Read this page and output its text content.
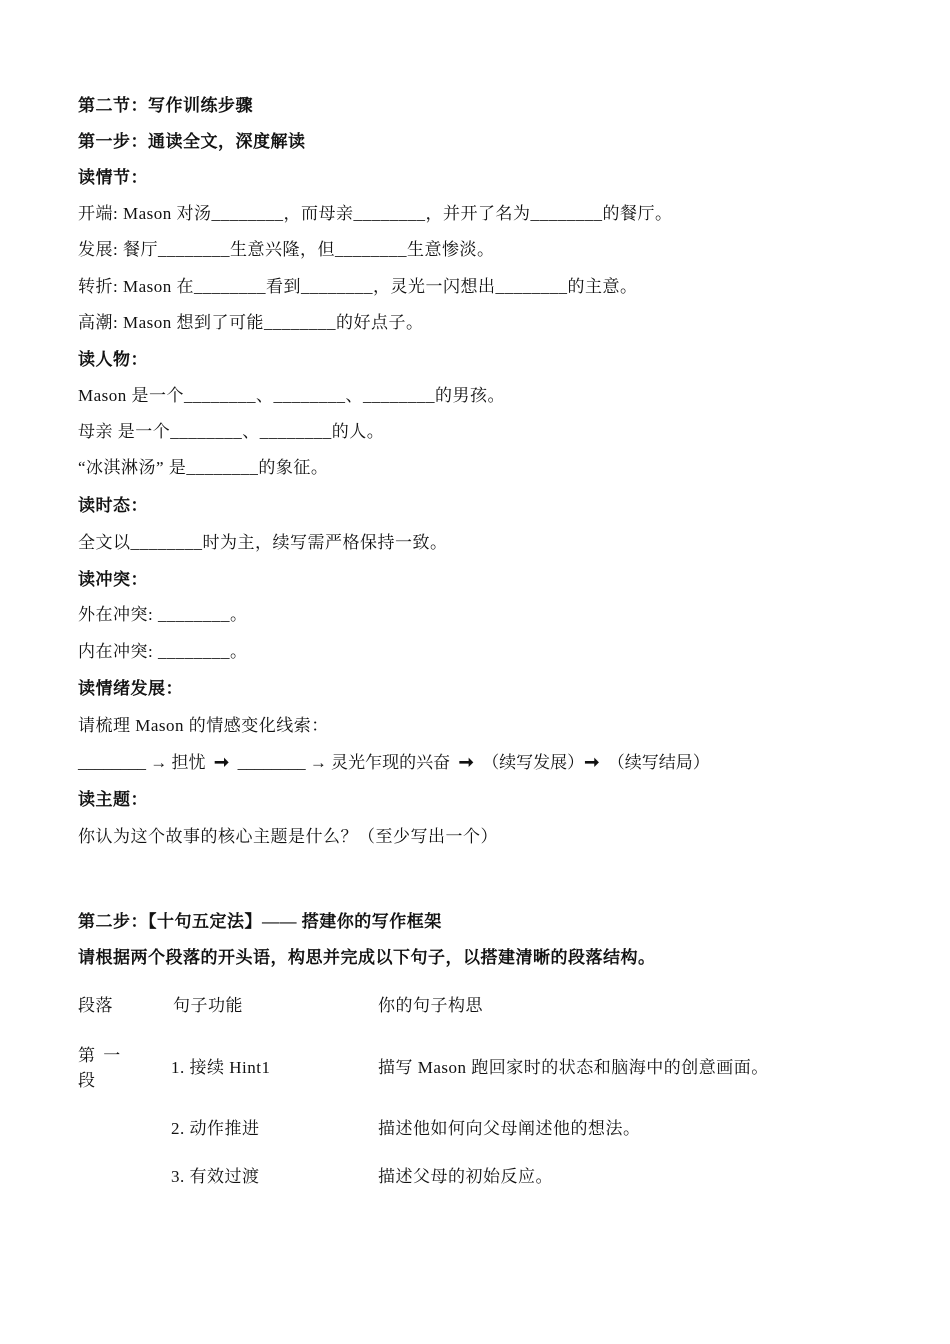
第二节：写作训练步骤
第一步：通读全文，深度解读
读情节：
开端: Mason 对汤________，而母亲________，并开了名为________的餐厅。
发展: 餐厅________生意兴隆，但________生意惨淡。
转折: Mason 在________看到________，灵光一闪想出________的主意。
高潮: Mason 想到了可能________的好点子。
读人物：
Mason 是一个________、________、________的男孩。
母亲 是一个________、________的人。
“冰淇淋汤” 是________的象征。
读时态：
全文以________时为主，续写需严格保持一致。
读冲突：
外在冲突: ________。
内在冲突: ________。
读情绪发展：
请梳理 Mason 的情感变化线索：
________ → 担忧 ➞ ________ → 灵光乍现的兴奋 ➞ （续写发展）➞ （续写结局）
读主题：
你认为这个故事的核心主题是什么？（至少写出一个）
第二步：【十句五定法】—— 搭建你的写作框架
请根据两个段落的开头语，构思并完成以下句子，以搭建清晰的段落结构。
段落	句子功能	你的句子构思
第 一
段
1. 接续 Hint1	描写 Mason 跑回家时的状态和脑海中的创意画面。
2. 动作推进	描述他如何向父母阐述他的想法。
3. 有效过渡	描述父母的初始反应。
